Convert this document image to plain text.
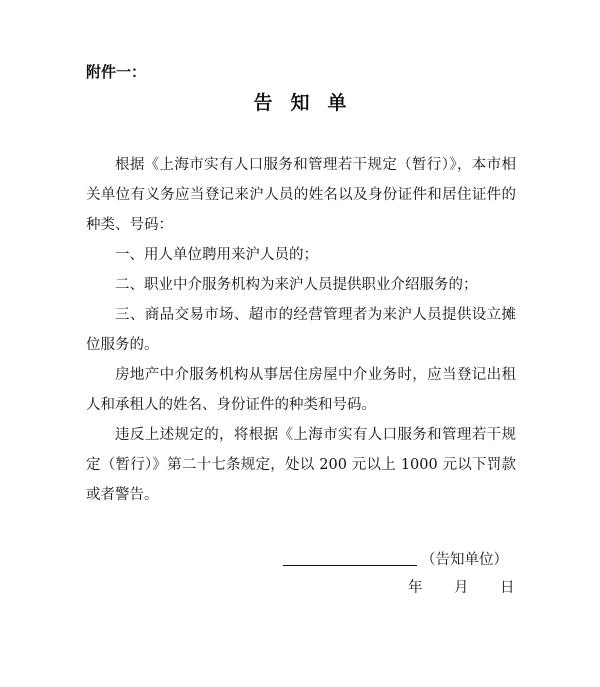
附件一：
告知单

根据《上海市实有人口服务和管理若干规定（暂行）》，本市相关单位有义务应当登记来沪人员的姓名以及身份证件和居住证件的种类、号码：

一、用人单位聘用来沪人员的；

二、职业中介服务机构为来沪人员提供职业介绍服务的；

三、商品交易市场、超市的经营管理者为来沪人员提供设立摊位服务的。

房地产中介服务机构从事居住房屋中介业务时，应当登记出租人和承租人的姓名、身份证件的种类和号码。

违反上述规定的，将根据《上海市实有人口服务和管理若干规定（暂行）》第二十七条规定，处以 200 元以上 1000 元以下罚款或者警告。

（告知单位）
年 月 日
